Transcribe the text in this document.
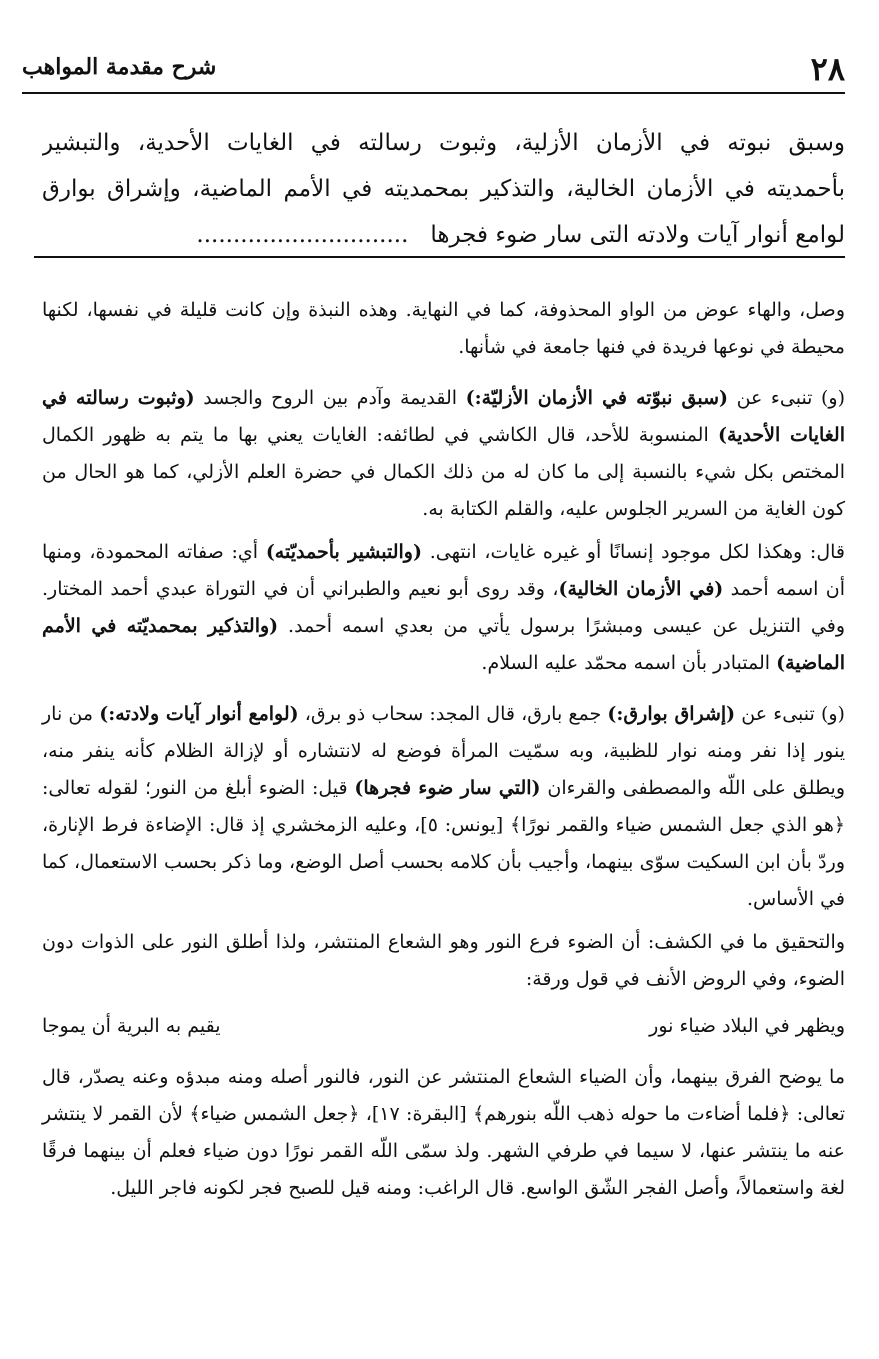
٢٨
شرح مقدمة المواهب
وسبق نبوته في الأزمان الأزلية، وثبوت رسالته في الغايات الأحدية، والتبشير
بأحمديته في الأزمان الخالية، والتذكير بمحمديته في الأمم الماضية، وإشراق بوارق
لوامع أنوار آيات ولادته التى سار ضوء فجرها   .............................

وصل، والهاء عوض من الواو المحذوفة، كما في النهاية. وهذه النبذة وإن كانت قليلة في نفسها، لكنها محيطة في نوعها فريدة في فنها جامعة في شأنها.

(و) تنبىء عن (سبق نبوّته في الأزمان الأزليّة:) القديمة وآدم بين الروح والجسد (وثبوت رسالته في الغايات الأحدية) المنسوبة للأحد، قال الكاشي في لطائفه: الغايات يعني بها ما يتم به ظهور الكمال المختص بكل شيء بالنسبة إلى ما كان له من ذلك الكمال في حضرة العلم الأزلي، كما هو الحال من كون الغاية من السرير الجلوس عليه، والقلم الكتابة به.

قال: وهكذا لكل موجود إنسانًا أو غيره غايات، انتهى. (والتبشير بأحمديّته) أي: صفاته المحمودة، ومنها أن اسمه أحمد (في الأزمان الخالية)، وقد روى أبو نعيم والطبراني أن في التوراة عبدي أحمد المختار. وفي التنزيل عن عيسى ومبشرًا برسول يأتي من بعدي اسمه أحمد. (والتذكير بمحمديّته في الأمم الماضية) المتبادر بأن اسمه محمّد عليه السلام.

(و) تنبىء عن (إشراق بوارق:) جمع بارق، قال المجد: سحاب ذو برق، (لوامع أنوار آيات ولادته:) من نار ينور إذا نفر ومنه نوار للظبية، وبه سمّيت المرأة فوضع له لانتشاره أو لإزالة الظلام كأنه ينفر منه، ويطلق على اللّه والمصطفى والقرءان (التي سار ضوء فجرها) قيل: الضوء أبلغ من النور؛ لقوله تعالى: ﴿هو الذي جعل الشمس ضياء والقمر نورًا﴾ [يونس: ٥]، وعليه الزمخشري إذ قال: الإضاءة فرط الإنارة، وردّ بأن ابن السكيت سوّى بينهما، وأجيب بأن كلامه بحسب أصل الوضع، وما ذكر بحسب الاستعمال، كما في الأساس.

والتحقيق ما في الكشف: أن الضوء فرع النور وهو الشعاع المنتشر، ولذا أطلق النور على الذوات دون الضوء، وفي الروض الأنف في قول ورقة:

ويظهر في البلاد ضياء نور
يقيم به البرية أن يموجا

ما يوضح الفرق بينهما، وأن الضياء الشعاع المنتشر عن النور، فالنور أصله ومنه مبدؤه وعنه يصدّر، قال تعالى: ﴿فلما أضاءت ما حوله ذهب اللّه بنورهم﴾ [البقرة: ١٧]، ﴿جعل الشمس ضياء﴾ لأن القمر لا ينتشر عنه ما ينتشر عنها، لا سيما في طرفي الشهر. ولذ سمّى اللّه القمر نورًا دون ضياء فعلم أن بينهما فرقًا لغة واستعمالاً، وأصل الفجر الشّق الواسع. قال الراغب: ومنه قيل للصبح فجر لكونه فاجر الليل.
